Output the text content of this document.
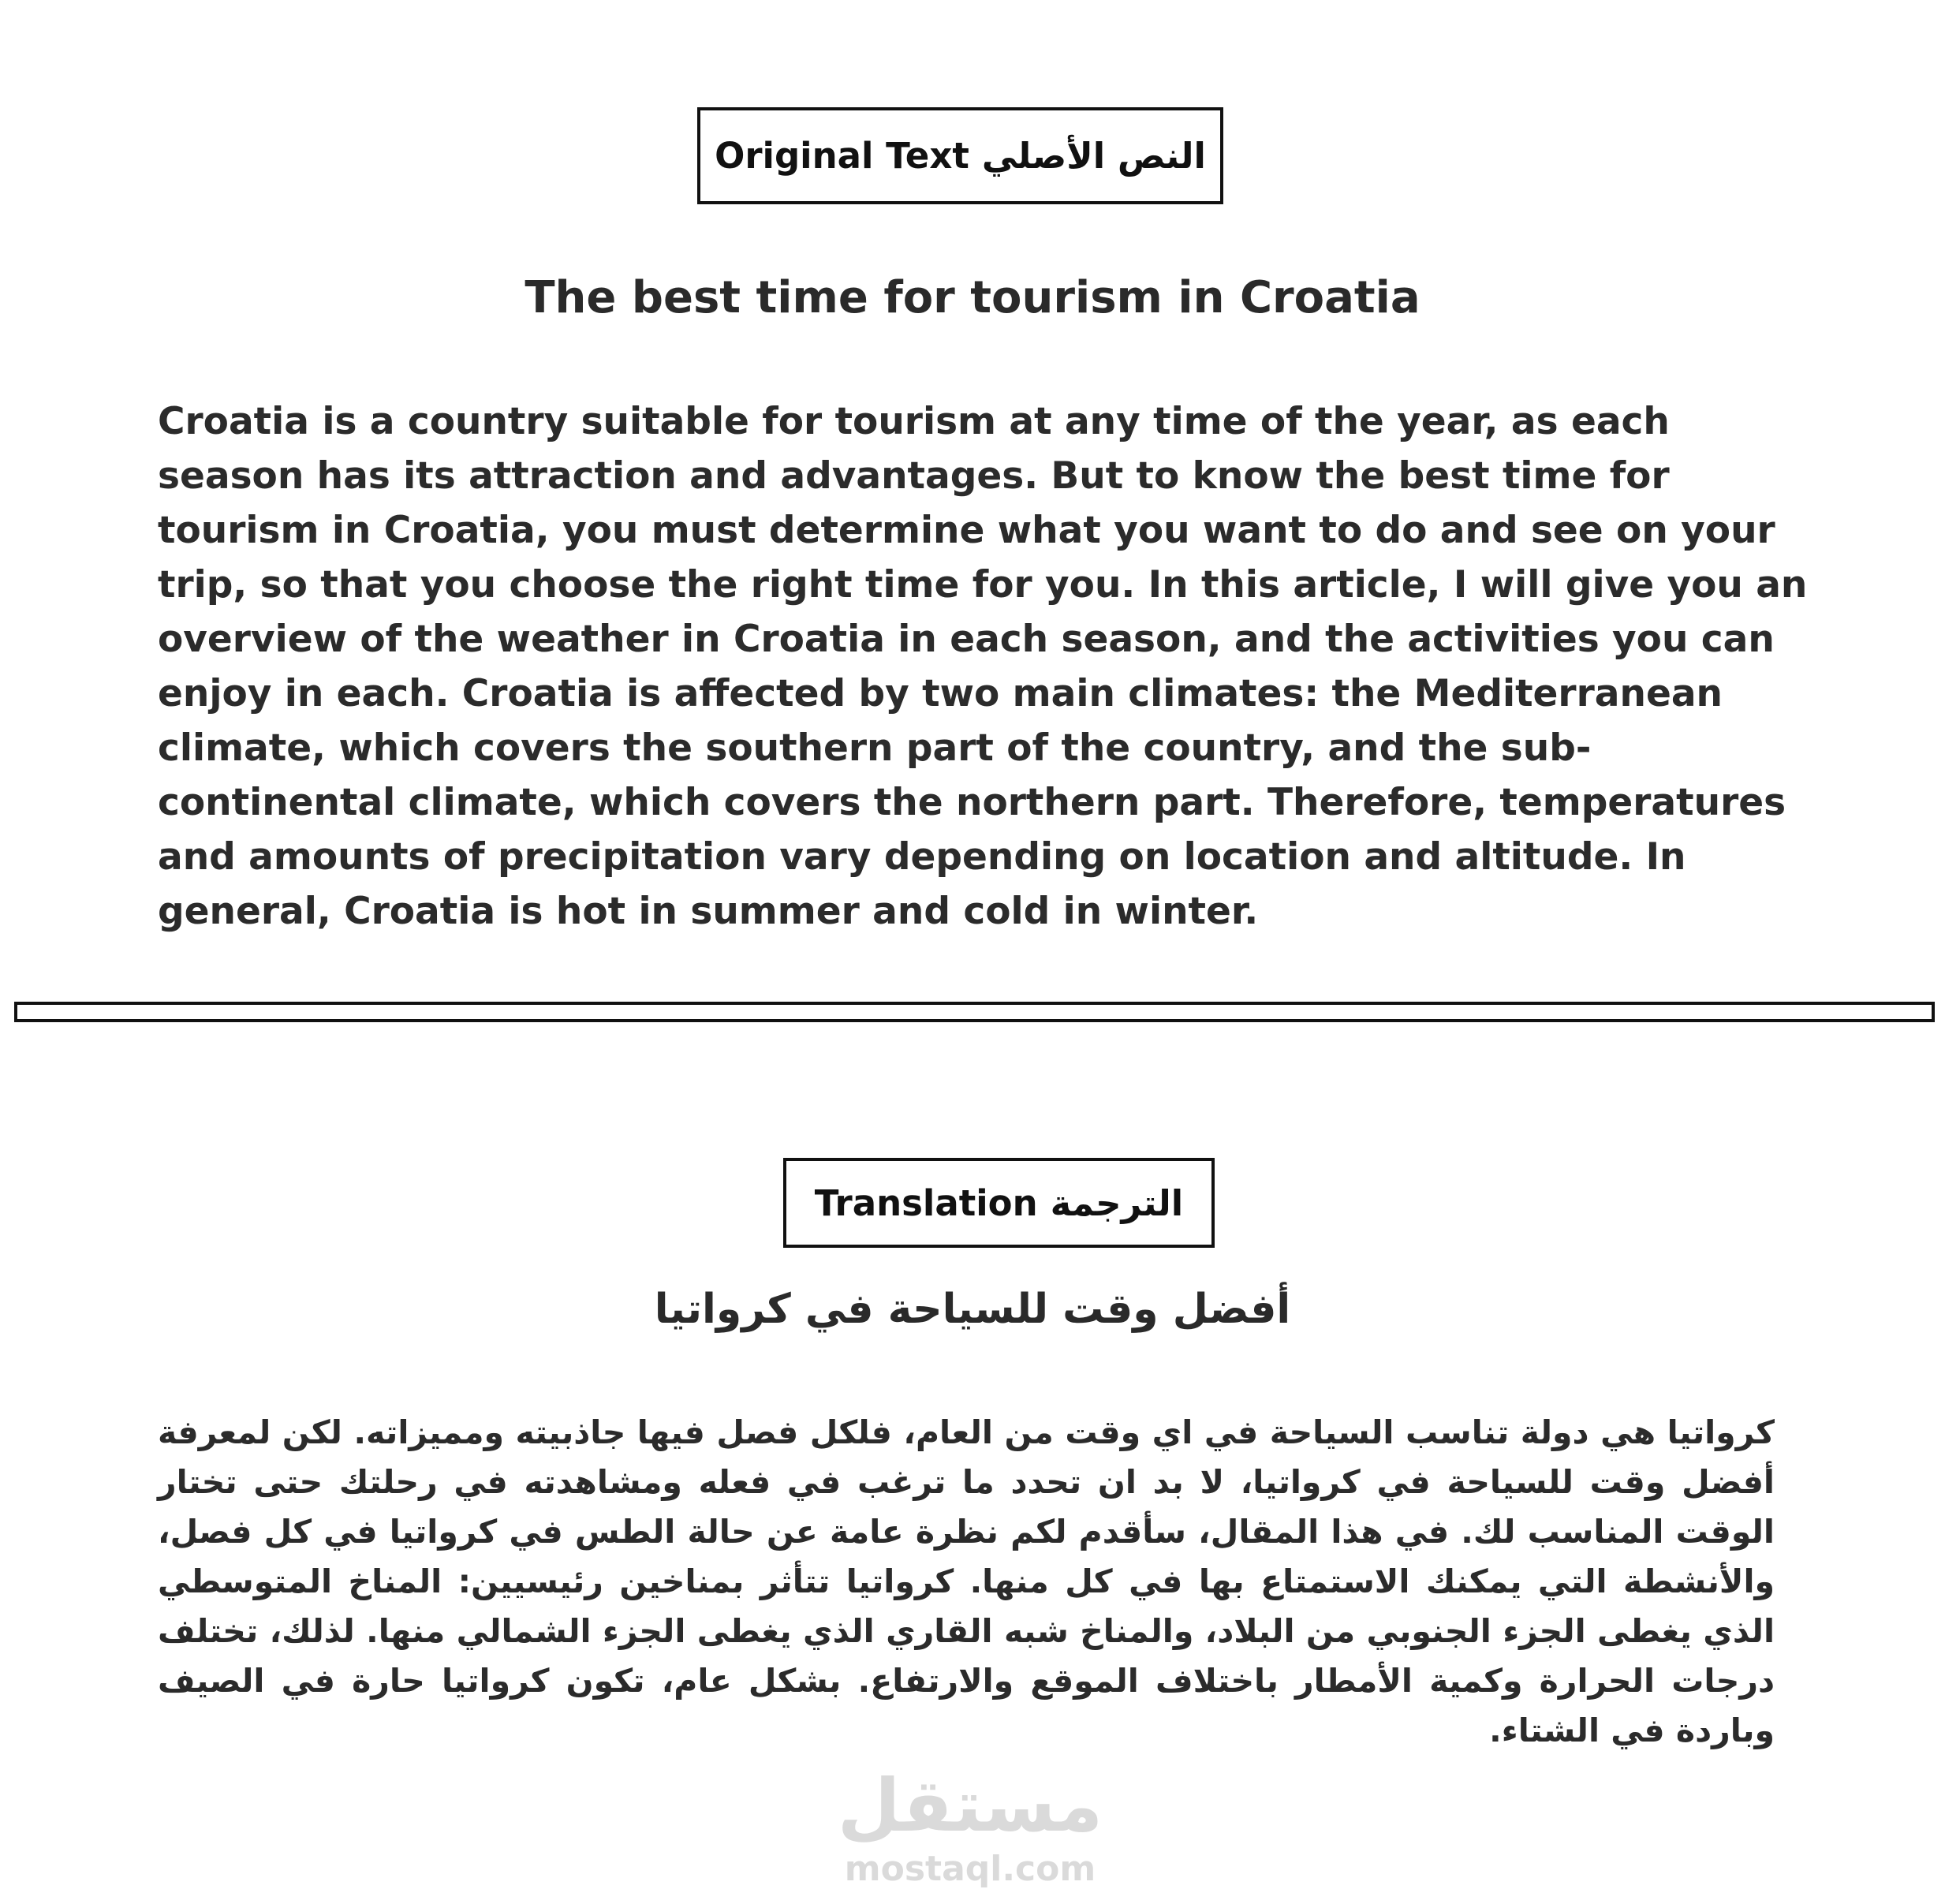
Original Text النص الأصلي
The best time for tourism in Croatia

Croatia is a country suitable for tourism at any time of the year, as each season has its attraction and advantages. But to know the best time for tourism in Croatia, you must determine what you want to do and see on your trip, so that you choose the right time for you. In this article, I will give you an overview of the weather in Croatia in each season, and the activities you can enjoy in each. Croatia is affected by two main climates: the Mediterranean climate, which covers the southern part of the country, and the sub-continental climate, which covers the northern part. Therefore, temperatures and amounts of precipitation vary depending on location and altitude. In general, Croatia is hot in summer and cold in winter.

Translation الترجمة
أفضل وقت للسياحة في كرواتيا

كرواتيا هي دولة تناسب السياحة في اي وقت من العام، فلكل فصل فيها جاذبيته ومميزاته. لكن لمعرفة أفضل وقت للسياحة في كرواتيا، لا بد ان تحدد ما ترغب في فعله ومشاهدته في رحلتك حتى تختار الوقت المناسب لك. في هذا المقال، سأقدم لكم نظرة عامة عن حالة الطس في كرواتيا في كل فصل، والأنشطة التي يمكنك الاستمتاع بها في كل منها. كرواتيا تتأثر بمناخين رئيسيين: المناخ المتوسطي الذي يغطى الجزء الجنوبي من البلاد، والمناخ شبه القاري الذي يغطى الجزء الشمالي منها. لذلك، تختلف درجات الحرارة وكمية الأمطار باختلاف الموقع والارتفاع. بشكل عام، تكون كرواتيا حارة في الصيف وباردة في الشتاء.

مستقل
mostaql.com
